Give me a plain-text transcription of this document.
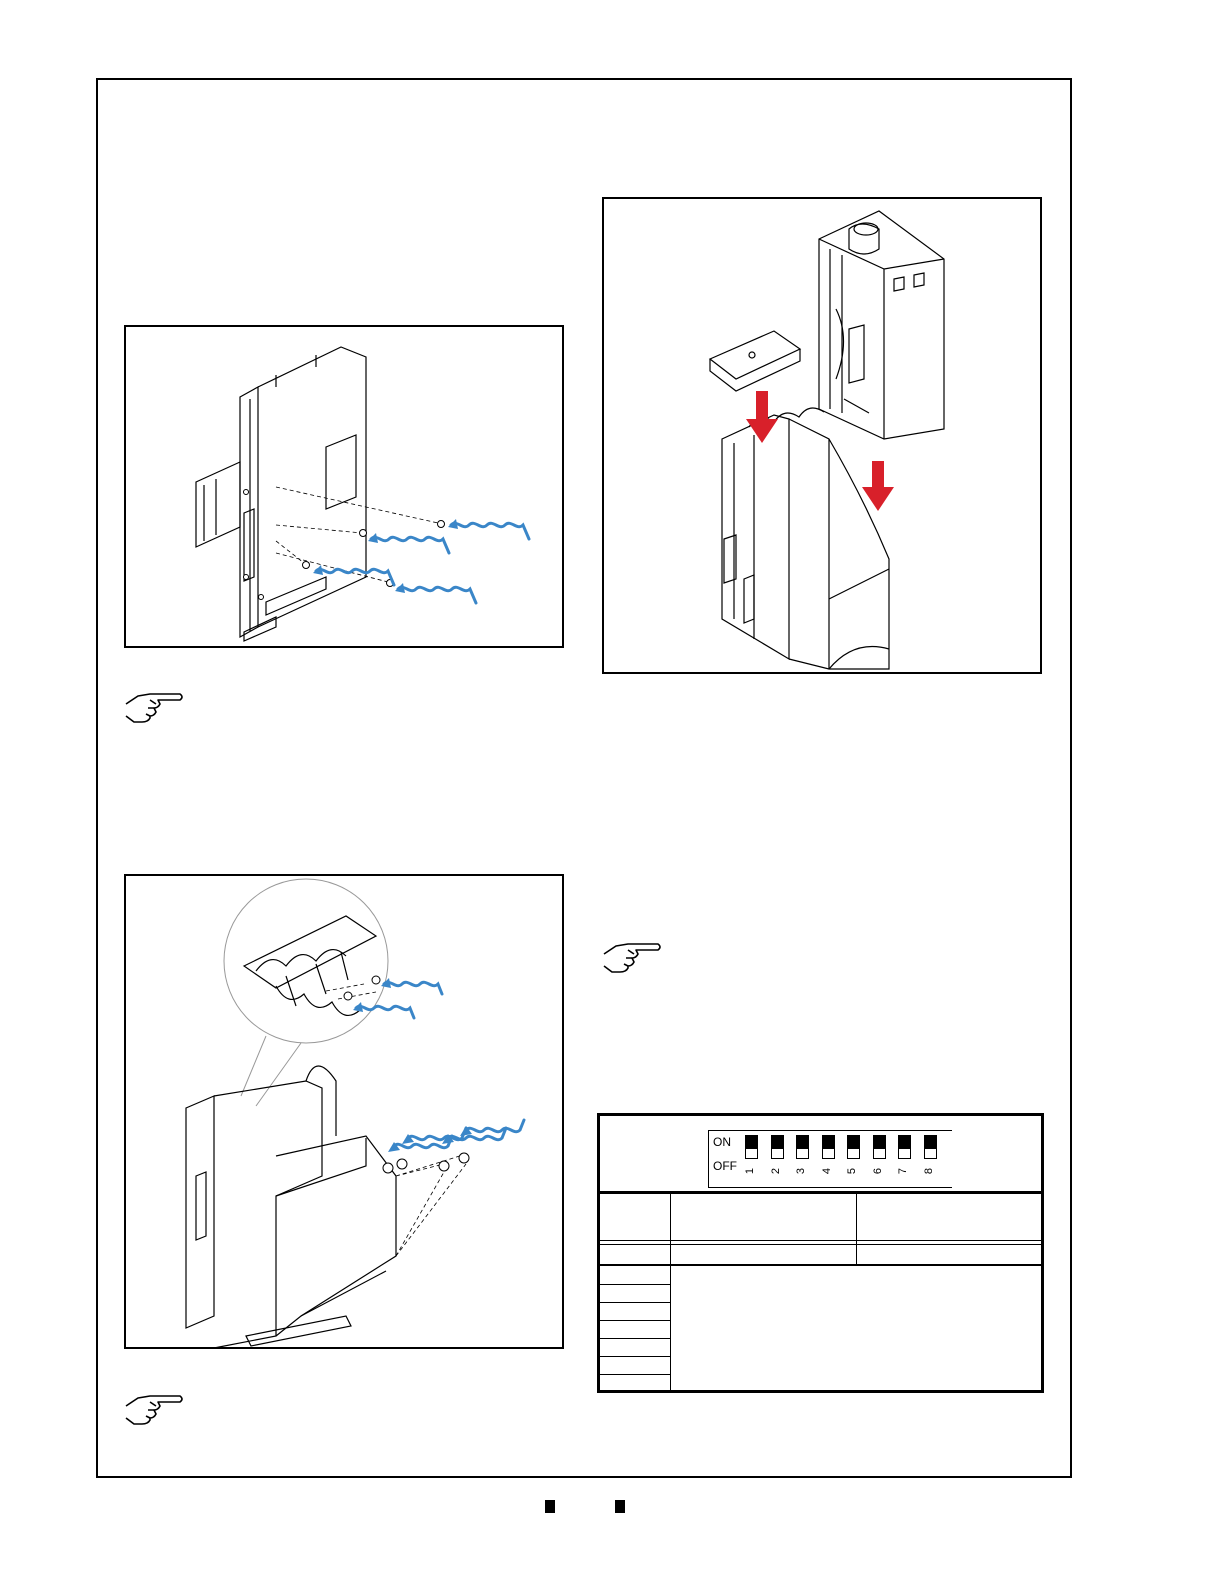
ON
OFF 1 2 3 4 5 6 7 8
